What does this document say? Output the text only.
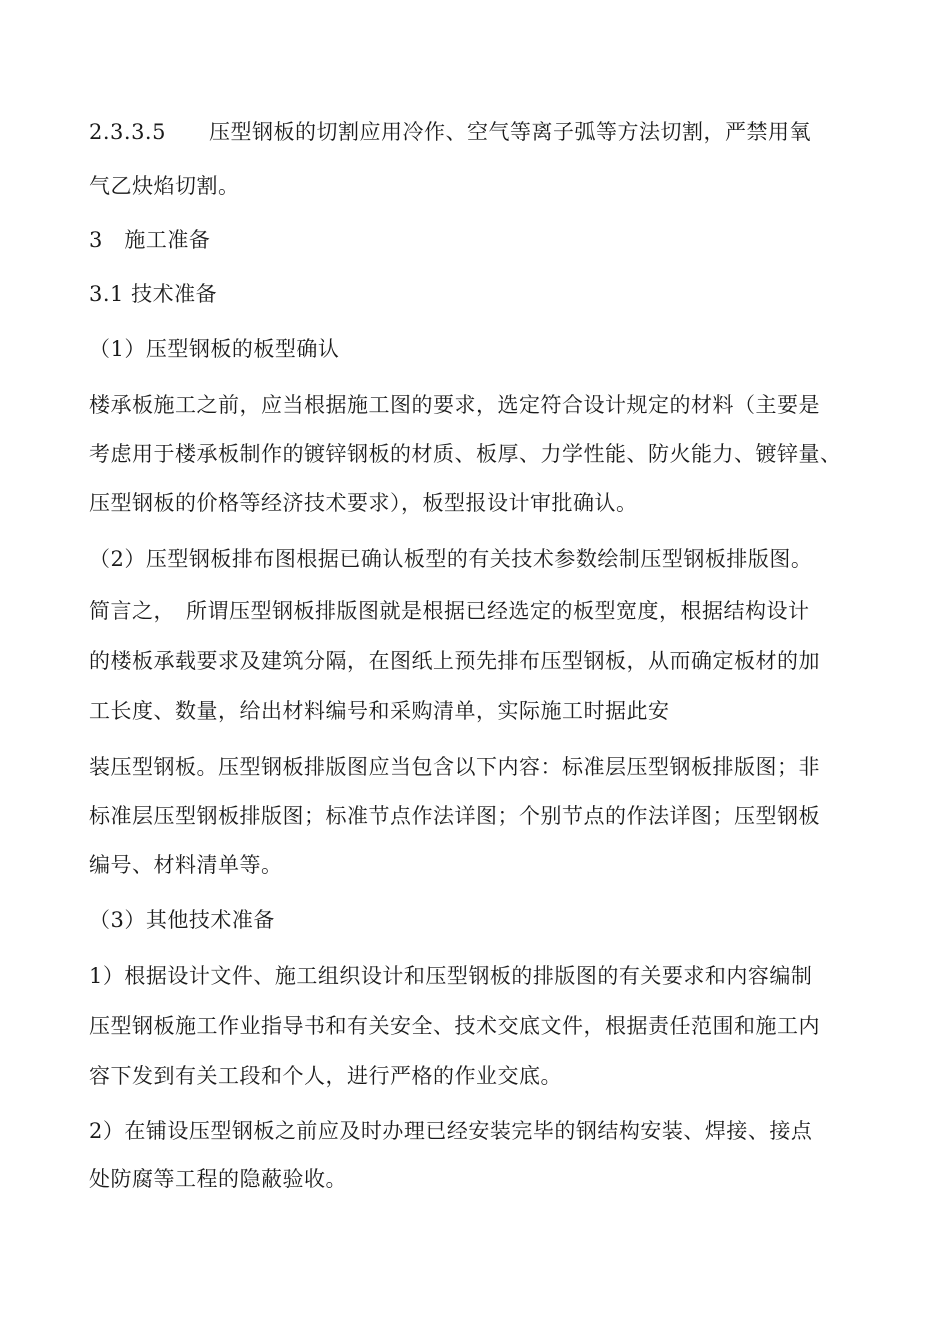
2.3.3.5　　压型钢板的切割应用冷作、空气等离子弧等方法切割，严禁用氧
气乙炔焰切割。
3　施工准备
3.1 技术准备
（1）压型钢板的板型确认
楼承板施工之前，应当根据施工图的要求，选定符合设计规定的材料（主要是
考虑用于楼承板制作的镀锌钢板的材质、板厚、力学性能、防火能力、镀锌量、
压型钢板的价格等经济技术要求），板型报设计审批确认。
（2）压型钢板排布图根据已确认板型的有关技术参数绘制压型钢板排版图。
简言之，　所谓压型钢板排版图就是根据已经选定的板型宽度，根据结构设计
的楼板承载要求及建筑分隔，在图纸上预先排布压型钢板，从而确定板材的加
工长度、数量，给出材料编号和采购清单，实际施工时据此安
装压型钢板。压型钢板排版图应当包含以下内容：标准层压型钢板排版图；非
标准层压型钢板排版图；标准节点作法详图；个别节点的作法详图；压型钢板
编号、材料清单等。
（3）其他技术准备
1）根据设计文件、施工组织设计和压型钢板的排版图的有关要求和内容编制
压型钢板施工作业指导书和有关安全、技术交底文件，根据责任范围和施工内
容下发到有关工段和个人，进行严格的作业交底。
2）在铺设压型钢板之前应及时办理已经安装完毕的钢结构安装、焊接、接点
处防腐等工程的隐蔽验收。
